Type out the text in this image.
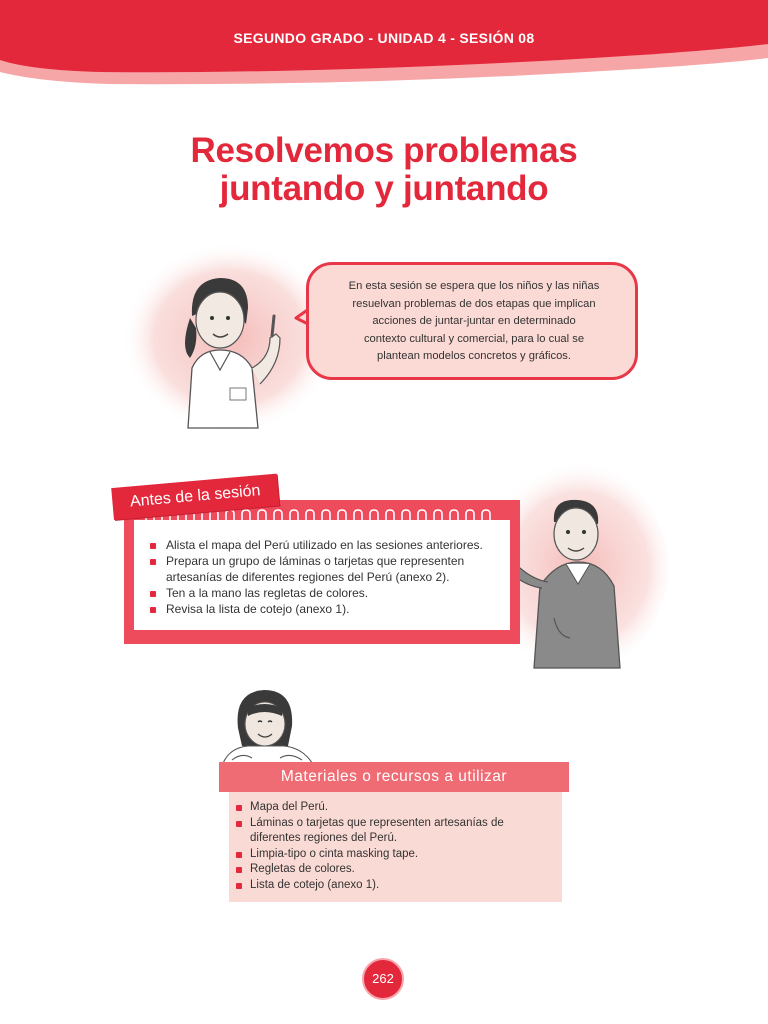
SEGUNDO GRADO - UNIDAD 4 - SESIÓN 08
Resolvemos problemas
juntando y juntando
En esta sesión se espera que los niños y las niñas
resuelvan problemas de dos etapas que implican
acciones de juntar-juntar en determinado
contexto cultural y comercial, para lo cual se
plantean modelos concretos y gráficos.
Antes de la sesión
Alista el mapa del Perú utilizado en las sesiones anteriores.
Prepara un grupo de láminas o tarjetas que representen
artesanías de diferentes regiones del Perú (anexo 2).
Ten a la mano las regletas de colores.
Revisa la lista de cotejo (anexo 1).
Materiales o recursos a utilizar
Mapa del Perú.
Láminas o tarjetas que representen artesanías de
diferentes regiones del Perú.
Limpia-tipo o cinta masking tape.
Regletas de colores.
Lista de cotejo (anexo 1).
262
